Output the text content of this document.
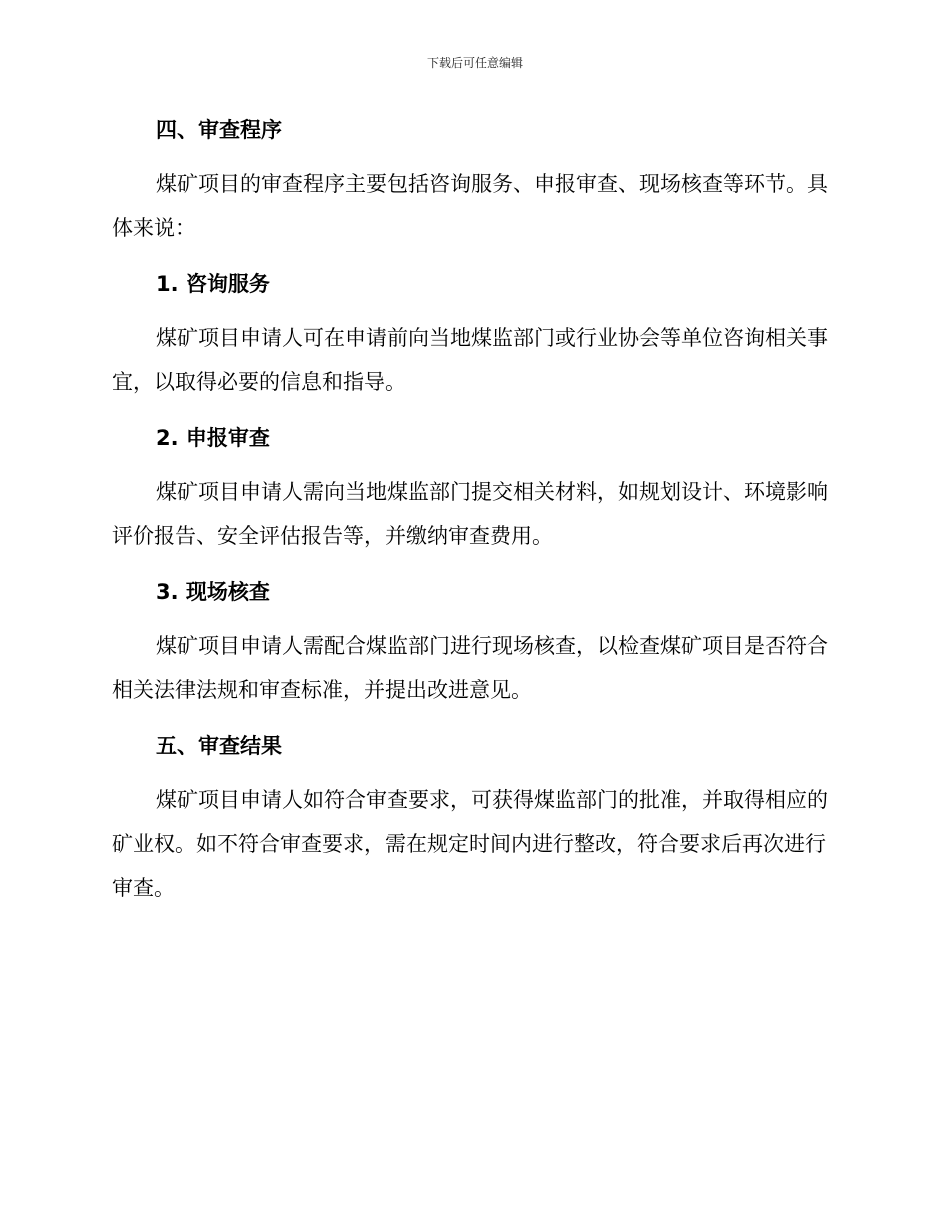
下载后可任意编辑
四、审查程序

煤矿项目的审查程序主要包括咨询服务、申报审查、现场核查等环节。具体来说：

1. 咨询服务

煤矿项目申请人可在申请前向当地煤监部门或行业协会等单位咨询相关事宜，以取得必要的信息和指导。

2. 申报审查

煤矿项目申请人需向当地煤监部门提交相关材料，如规划设计、环境影响评价报告、安全评估报告等，并缴纳审查费用。

3. 现场核查

煤矿项目申请人需配合煤监部门进行现场核查，以检查煤矿项目是否符合相关法律法规和审查标准，并提出改进意见。

五、审查结果

煤矿项目申请人如符合审查要求，可获得煤监部门的批准，并取得相应的矿业权。如不符合审查要求，需在规定时间内进行整改，符合要求后再次进行审查。
